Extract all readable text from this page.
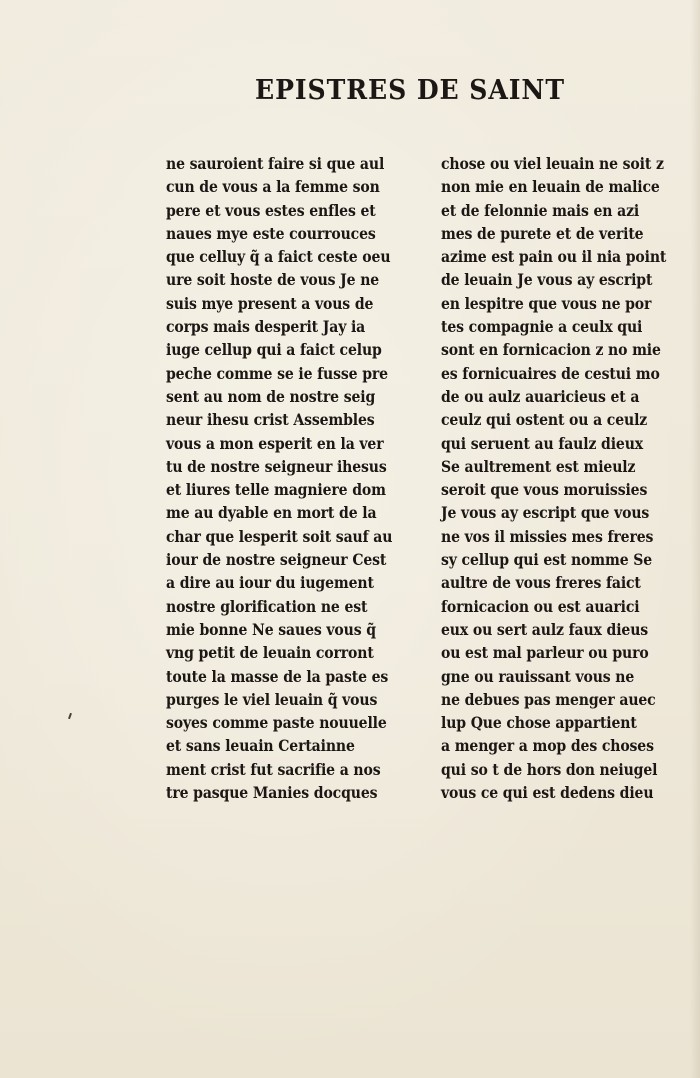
EPISTRES DE SAINT
ne sauroient faire si que aul
cun de vous a la femme son
pere et vous estes enfles et
naues mye este courrouces
que celluy q̃ a faict ceste oeu
ure soit hoste de vous Je ne
suis mye present a vous de
corps mais desperit Jay ia
iuge cellup qui a faict celup
peche comme se ie fusse pre
sent au nom de nostre seig
neur ihesu crist Assembles
vous a mon esperit en la ver
tu de nostre seigneur ihesus
et liures telle magniere dom
me au dyable en mort de la
char que lesperit soit sauf au
iour de nostre seigneur Cest
a dire au iour du iugement
nostre glorification ne est
mie bonne Ne saues vous q̃
vng petit de leuain corront
toute la masse de la paste es
purges le viel leuain q̃ vous
soyes comme paste nouuelle
et sans leuain Certainne
ment crist fut sacrifie a nos
tre pasque Manies docques
chose ou viel leuain ne soit z
non mie en leuain de malice
et de felonnie mais en azi
mes de purete et de verite
azime est pain ou il nia point
de leuain Je vous ay escript
en lespitre que vous ne por
tes compagnie a ceulx qui
sont en fornicacion z no mie
es fornicuaires de cestui mo
de ou aulz auaricieus et a
ceulz qui ostent ou a ceulz
qui seruent au faulz dieux
Se aultrement est mieulz
seroit que vous moruissies
Je vous ay escript que vous
ne vos il missies mes freres
sy cellup qui est nomme Se
aultre de vous freres faict
fornicacion ou est auarici
eux ou sert aulz faux dieus
ou est mal parleur ou puro
gne ou rauissant vous ne
ne debues pas menger auec
lup Que chose appartient
a menger a mop des choses
qui so t de hors don neiugel
vous ce qui est dedens dieu
